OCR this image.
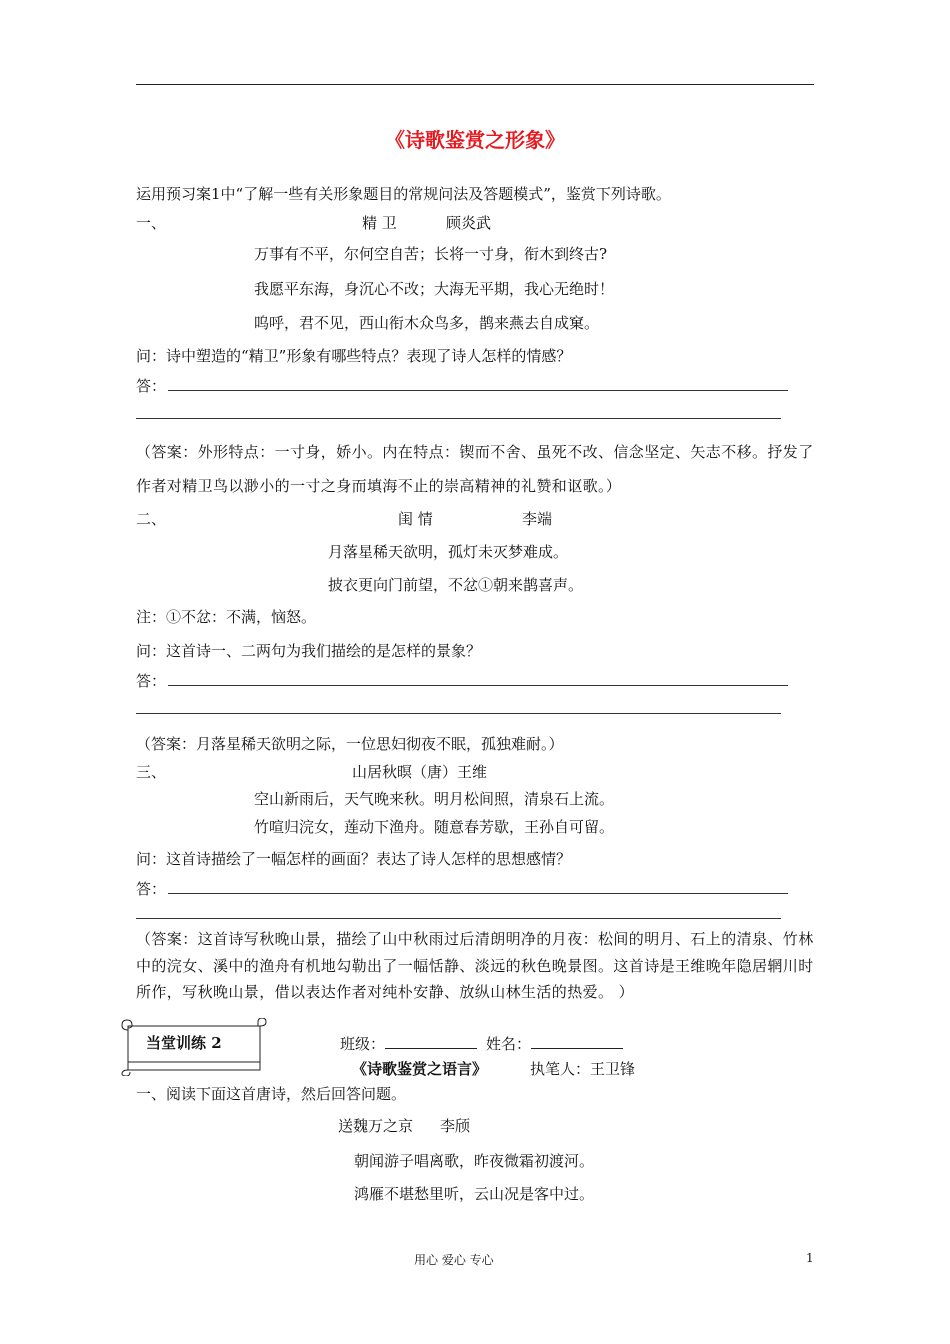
《诗歌鉴赏之形象》
运用预习案1中“了解一些有关形象题目的常规问法及答题模式”，鉴赏下列诗歌。
一、	精 卫	顾炎武
万事有不平，尔何空自苦；长将一寸身，衔木到终古?
我愿平东海，身沉心不改；大海无平期，我心无绝时！
呜呼，君不见，西山衔木众鸟多，鹊来燕去自成窠。
问：诗中塑造的“精卫”形象有哪些特点？表现了诗人怎样的情感？
答：
（答案：外形特点：一寸身，娇小。内在特点：锲而不舍、虽死不改、信念坚定、矢志不移。抒发了作者对精卫鸟以渺小的一寸之身而填海不止的崇高精神的礼赞和讴歌。）
二、	闺 情	李端
月落星稀天欲明，孤灯未灭梦难成。
披衣更向门前望，不忿①朝来鹊喜声。
注：①不忿：不满，恼怒。
问：这首诗一、二两句为我们描绘的是怎样的景象？
答：
（答案：月落星稀天欲明之际，一位思妇彻夜不眠，孤独难耐。）
三、	山居秋暝（唐）王维
空山新雨后，天气晚来秋。明月松间照，清泉石上流。
竹喧归浣女，莲动下渔舟。随意春芳歇，王孙自可留。
问：这首诗描绘了一幅怎样的画面？表达了诗人怎样的思想感情？
答：
（答案：这首诗写秋晚山景，描绘了山中秋雨过后清朗明净的月夜：松间的明月、石上的清泉、竹林中的浣女、溪中的渔舟有机地勾勒出了一幅恬静、淡远的秋色晚景图。这首诗是王维晚年隐居辋川时所作，写秋晚山景，借以表达作者对纯朴安静、放纵山林生活的热爱。 ）
当堂训练 2	班级：	姓名：
《诗歌鉴赏之语言》	执笔人：王卫锋
一、阅读下面这首唐诗，然后回答问题。
送魏万之京 李颀
朝闻游子唱离歌，昨夜微霜初渡河。
鸿雁不堪愁里听，云山况是客中过。
用心 爱心 专心	1
